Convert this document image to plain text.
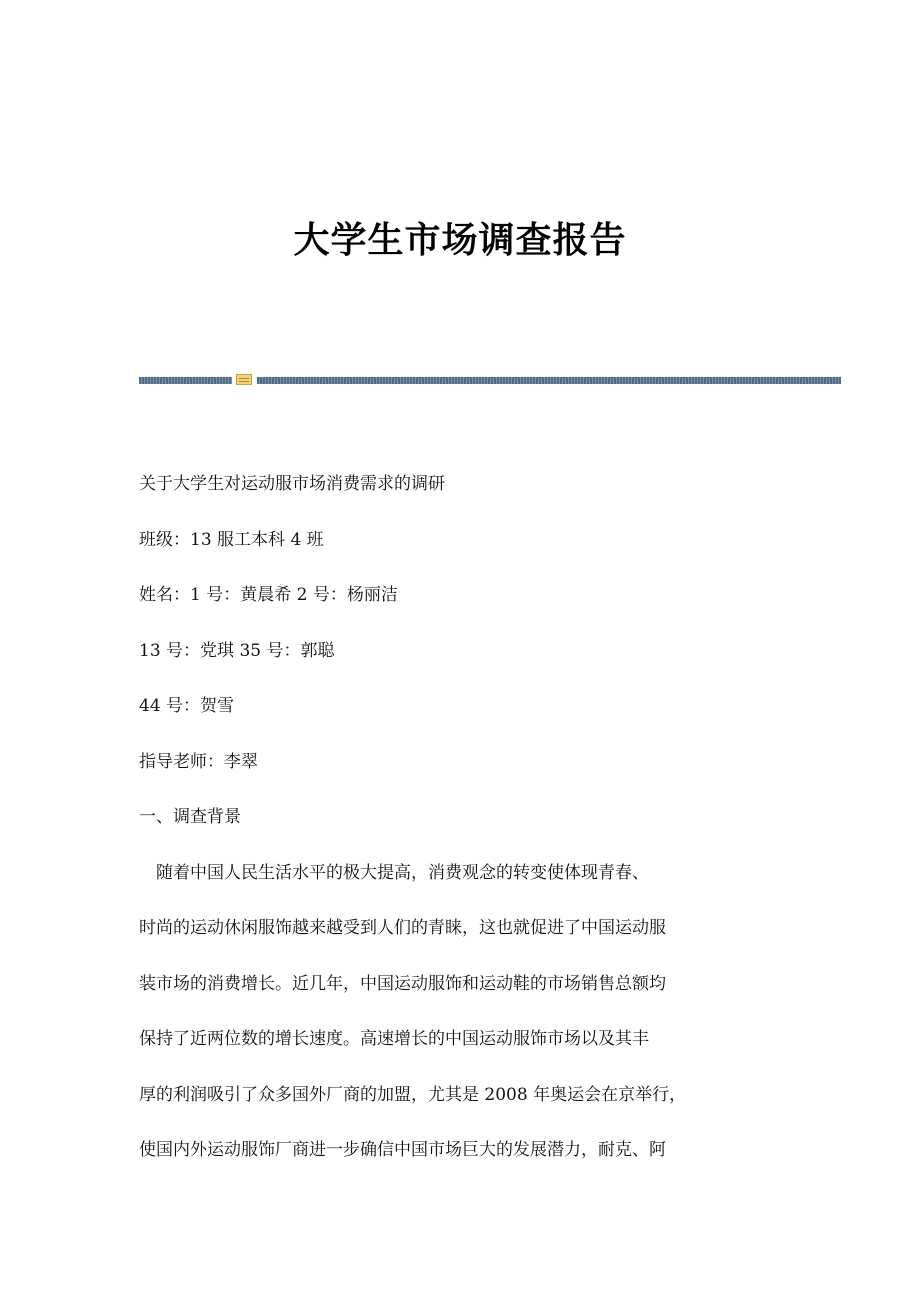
大学生市场调查报告
关于大学生对运动服市场消费需求的调研
班级：13 服工本科 4 班
姓名：1 号：黄晨希 2 号：杨丽洁
13 号：党琪 35 号：郭聪
44 号：贺雪
指导老师：李翠
一、调查背景
随着中国人民生活水平的极大提高，消费观念的转变使体现青春、
时尚的运动休闲服饰越来越受到人们的青睐，这也就促进了中国运动服
装市场的消费增长。近几年，中国运动服饰和运动鞋的市场销售总额均
保持了近两位数的增长速度。高速增长的中国运动服饰市场以及其丰
厚的利润吸引了众多国外厂商的加盟，尤其是 2008 年奥运会在京举行，
使国内外运动服饰厂商进一步确信中国市场巨大的发展潜力，耐克、阿
